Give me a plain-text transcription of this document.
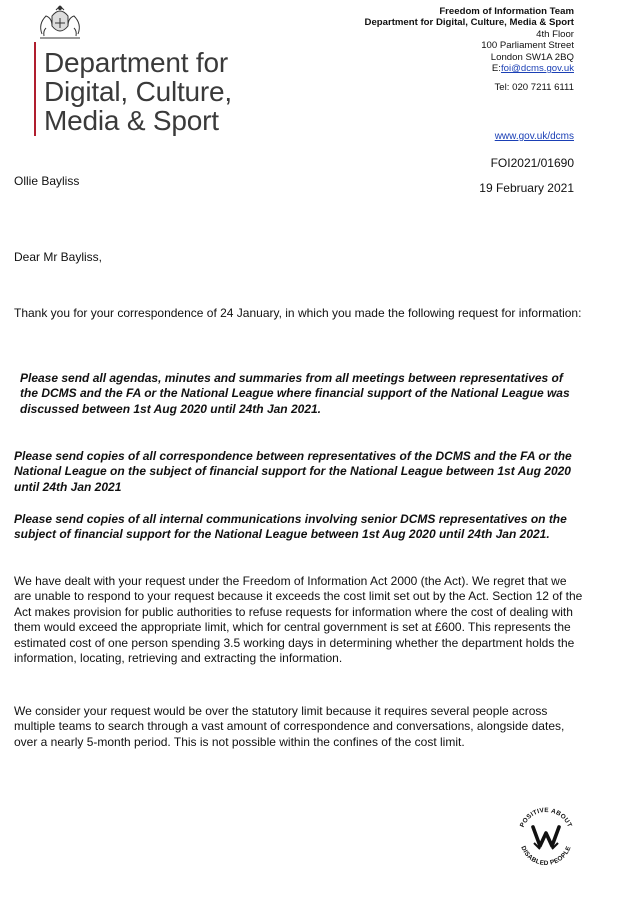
Department for
Digital, Culture,
Media & Sport
Freedom of Information Team
Department for Digital, Culture, Media & Sport
4th Floor
100 Parliament Street
London SW1A 2BQ
E:foi@dcms.gov.uk
Tel: 020 7211 6111
www.gov.uk/dcms
FOI2021/01690
19 February 2021
Ollie Bayliss
Dear Mr Bayliss,
Thank you for your correspondence of 24 January, in which you made the following request for information:
Please send all agendas, minutes and summaries from all meetings between representatives of the DCMS and the FA or the National League where financial support of the National League was discussed between 1st Aug 2020 until 24th Jan 2021.
Please send copies of all correspondence between representatives of the DCMS and the FA or the National League on the subject of financial support for the National League between 1st Aug 2020 until 24th Jan 2021
Please send copies of all internal communications involving senior DCMS representatives on the subject of financial support for the National League between 1st Aug 2020 until 24th Jan 2021.
We have dealt with your request under the Freedom of Information Act 2000 (the Act). We regret that we are unable to respond to your request because it exceeds the cost limit set out by the Act. Section 12 of the Act makes provision for public authorities to refuse requests for information where the cost of dealing with them would exceed the appropriate limit, which for central government is set at £600. This represents the estimated cost of one person spending 3.5 working days in determining whether the department holds the information, locating, retrieving and extracting the information.
We consider your request would be over the statutory limit because it requires several people across multiple teams to search through a vast amount of correspondence and conversations, alongside dates, over a nearly 5-month period. This is not possible within the confines of the cost limit.
POSITIVE ABOUT
DISABLED PEOPLE
